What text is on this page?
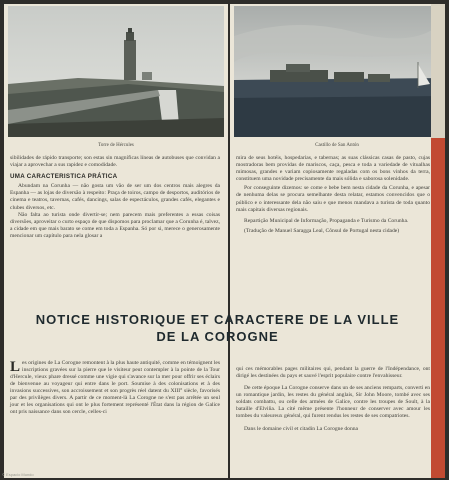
Torre de Hércules

sibilidades de rápido transporte; son estas sin magníficas líneas de autobuses que convidan a viajar a aprovechar a sus rapidez e comodidade.

UMA CARACTERISTICA PRÁTICA

Abundam na Corunha — não gosta um vão de ser um dos centros mais alegres da Espanha — as lojas de diversão à respeito: Praça de toiros, campo de desportos, auditórios de cinema e teatros, tavernas, cafés, dancings, salas de espectáculos, grandes cafés, elegantes e clubes diversos, etc.

Não falta ao turista onde divertir-se; nem parecem mais preferentes a essas coisas diversões, aproveitar o curto espaço de que dispomos para proclamar que a Corunha é, talvez, a cidade em que mais barato se come em toda a Espanha. Só por si, merece o generosamente mencionar um capítulo para nela glosar a

Les origines de La Corogne remontent à la plus haute antiquité, comme en témoignent les inscriptions gravées sur la pierre que le visiteur peut contempler à la pointe de la Tour d'Hercule, vieux phare dressé comme une vigie qui s'avance sur la mer pour offrir ses éclairs de bienvenue au voyageur qui entre dans le port. Soumise à des colonisations et à des invasions successives, son accroissement et son progrès réel datent du XIII° siècle, favorisés par des privilèges divers. A partir de ce moment-là La Corogne ne s'est pas arrêtée un seul jour et les organisations qui ont le plus fortement représenté l'État dans la région de Galice ont pris naissance dans son cercle, celles-ci
Castillo de San Antón

mira de seus hotéis, hospedarias, e tabernas; as suas clássicas casas de pasto, cujas mostradoras bem providas de mariscos, caça, pesca e toda a variedade de vitualhas mimosas, grandes e variam copiosamente regaladas com os bons vinhos da terra, constituem uma novidade precisamente da mais sólida e saborosa solenidade.

Por conseguinte dizemos: se come e bebe bem nesta cidade da Corunha, e apesar de nenhuma delas se procura semelhante desta relatar, estamos convencidos que o público e o interessante dela não saiu e que menos mandava a turista de toda quanto mais capitais diversas regionais.

Repartição Municipal de Informação, Propaganda e Turismo da Corunha.

(Tradução de Manuel Saragga Leal, Cônsul de Portugal nesta cidade)

qui ces mémorables pages militaires qui, pendant la guerre de l'Indépendance, ont dirigé les destinées du pays et sauvé l'esprit populaire contre l'envahisseur.

De cette époque La Corogne conserve dans un de ses anciens remparts, converti en un romantique jardin, les restes du général anglais, Sir John Moore, tombé avec ses soldats combattu, ou celle des armées de Galice, contre les troupes de Soult, à la bataille d'Elviña. La cité même présente l'honneur de conserver avec amour les tombes du valeureux général, qui furent rendus les restes de ses compatriotes.

Dans le domaine civil et citadin La Corogne donna

NOTICE HISTORIQUE ET CARACTERE DE LA VILLE
DE LA COROGNE
© Espacio Mundo
